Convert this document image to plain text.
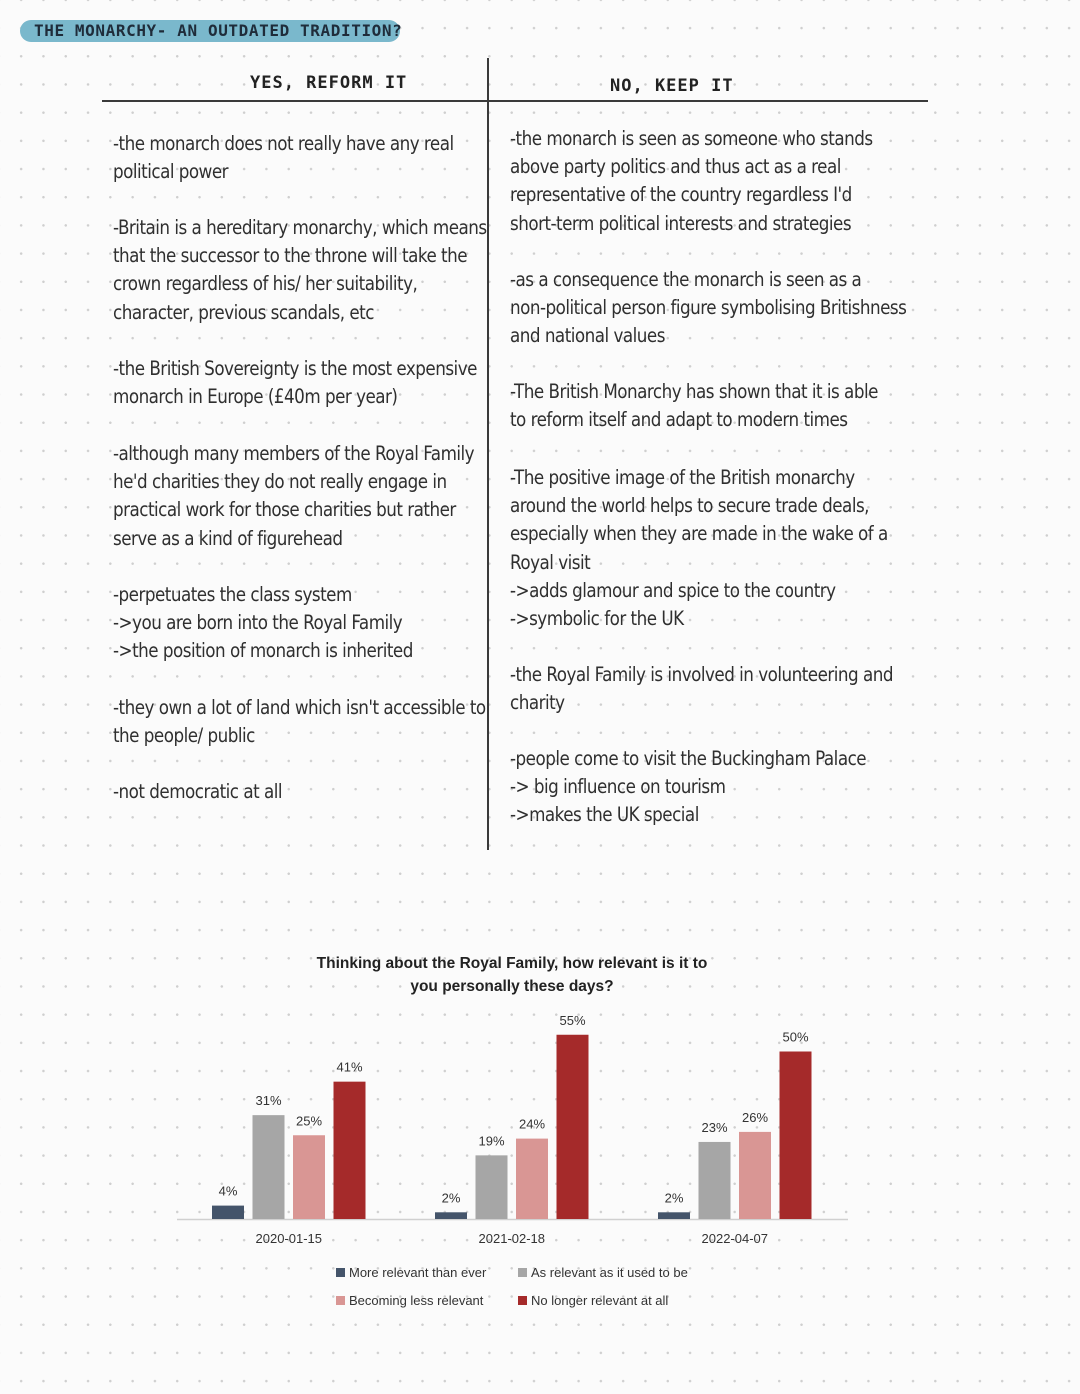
THE MONARCHY- AN OUTDATED TRADITION?
YES, REFORM IT	NO, KEEP IT
-the monarch does not really have any real
political power
-Britain is a hereditary monarchy, which means
that the successor to the throne will take the
crown regardless of his/ her suitability,
character, previous scandals, etc
-the British Sovereignty is the most expensive
monarch in Europe (£40m per year)
-although many members of the Royal Family
he'd charities they do not really engage in
practical work for those charities but rather
serve as a kind of figurehead
-perpetuates the class system
->you are born into the Royal Family
->the position of monarch is inherited
-they own a lot of land which isn't accessible to
the people/ public
-not democratic at all
-the monarch is seen as someone who stands
above party politics and thus act as a real
representative of the country regardless I'd
short-term political interests and strategies
-as a consequence the monarch is seen as a
non-political person figure symbolising Britishness
and national values
-The British Monarchy has shown that it is able
to reform itself and adapt to modern times
-The positive image of the British monarchy
around the world helps to secure trade deals,
especially when they are made in the wake of a
Royal visit
->adds glamour and spice to the country
->symbolic for the UK
-the Royal Family is involved in volunteering and
charity
-people come to visit the Buckingham Palace
-> big influence on tourism
->makes the UK special
Thinking about the Royal Family, how relevant is it to
you personally these days?
4%
31%
25%
41%
2020-01-15
2%
19%
24%
55%
2021-02-18
2%
23%
26%
50%
2022-04-07
More relevant than ever	As relevant as it used to be
Becoming less relevant	No longer relevant at all
